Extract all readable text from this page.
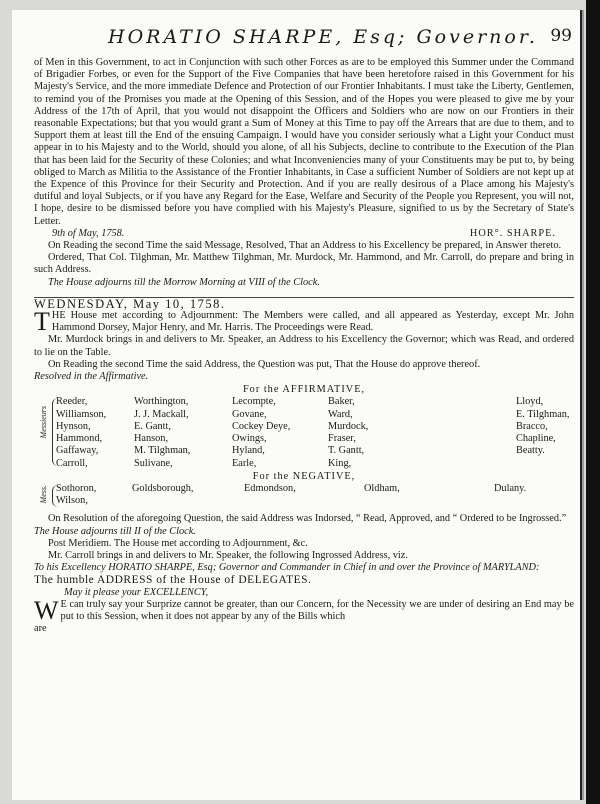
HORATIO SHARPE, Esq; Governor. 99

of Men in this Government, to act in Conjunction with such other Forces as are to be employed this Summer under the Command of Brigadier Forbes, or even for the Support of the Five Companies that have been heretofore raised in this Government for his Majesty's Service, and the more immediate Defence and Protection of our Frontier Inhabitants. I must take the Liberty, Gentlemen, to remind you of the Promises you made at the Opening of this Session, and of the Hopes you were pleased to give me by your Address of the 17th of April, that you would not disappoint the Officers and Soldiers who are now on our Frontiers in their reasonable Expectations; but that you would grant a Sum of Money at this Time to pay off the Arrears that are due to them, and to Support them at least till the End of the ensuing Campaign. I would have you consider seriously what a Light your Conduct must appear in to his Majesty and to the World, should you alone, of all his Subjects, decline to contribute to the Execution of the Plan that has been laid for the Security of these Colonies; and what Inconveniencies many of your Constituents may be put to, by being obliged to March as Militia to the Assistance of the Frontier Inhabitants, in Case a sufficient Number of Soldiers are not kept up at the Expence of this Province for their Security and Protection. And if you are really desirous of a Place among his Majesty's dutiful and loyal Subjects, or if you have any Regard for the Ease, Welfare and Security of the People you Represent, you will not, I hope, desire to be dismissed before you have complied with his Majesty's Pleasure, signified to us by the Secretary of State's Letter.

9th of May, 1758.	HOR°. SHARPE.

On Reading the second Time the said Message, Resolved, That an Address to his Excellency be prepared, in Answer thereto.

Ordered, That Col. Tilghman, Mr. Matthew Tilghman, Mr. Murdock, Mr. Hammond, and Mr. Carroll, do prepare and bring in such Address.

The House adjourns till the Morrow Morning at VIII of the Clock.

WEDNESDAY, May 10, 1758.

THE House met according to Adjournment: The Members were called, and all appeared as Yesterday, except Mr. John Hammond Dorsey, Major Henry, and Mr. Harris. The Proceedings were Read.

Mr. Murdock brings in and delivers to Mr. Speaker, an Address to his Excellency the Governor; which was Read, and ordered to lie on the Table.

On Reading the second Time the said Address, the Question was put, That the House do approve thereof.

Resolved in the Affirmative.

For the AFFIRMATIVE,
Messieurs
Reeder,	Worthington,	Lecompte,	Baker,	Lloyd,
Williamson,	J. J. Mackall,	Govane,	Ward,	E. Tilghman,
Hynson,	E. Gantt,	Cockey Deye,	Murdock,	Bracco,
Hammond,	Hanson,	Owings,	Fraser,	Chapline,
Gaffaway,	M. Tilghman,	Hyland,	T. Gantt,	Beatty.
Carroll,	Sulivane,	Earle,	King,
For the NEGATIVE,
Mess. Sothoron,	Goldsborough,	Edmondson,	Oldham,	Dulany.
Wilson,

On Resolution of the aforegoing Question, the said Address was Indorsed, “ Read, Approved, and “ Ordered to be Ingrossed.”

The House adjourns till II of the Clock.

Post Meridiem. The House met according to Adjournment, &c.

Mr. Carroll brings in and delivers to Mr. Speaker, the following Ingrossed Address, viz.

To his Excellency HORATIO SHARPE, Esq; Governor and Commander in Chief in and over the Province of MARYLAND:

The humble ADDRESS of the House of DELEGATES.

May it please your EXCELLENCY,

W E can truly say your Surprize cannot be greater, than our Concern, for the Necessity we are under of desiring an End may be put to this Session, when it does not appear by any of the Bills which

are
